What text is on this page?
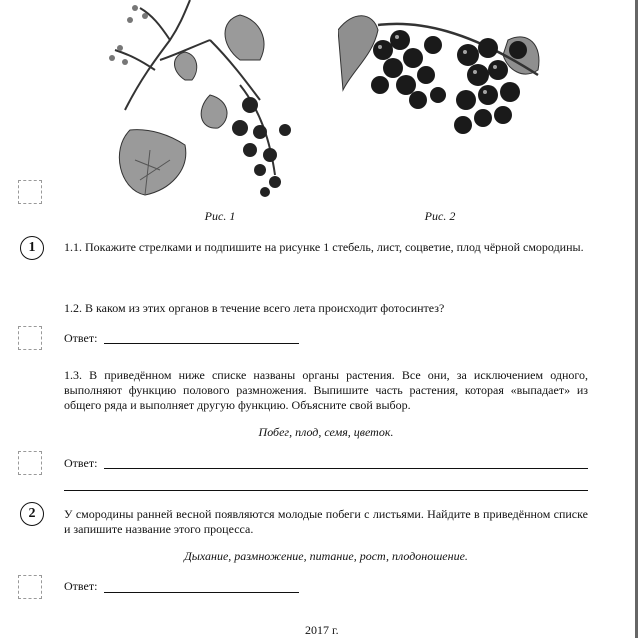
Рис. 1	Рис. 2
1
2
1.1. Покажите стрелками и подпишите на рисунке 1 стебель, лист, соцветие, плод чёрной смородины.
1.2. В каком из этих органов в течение всего лета происходит фотосинтез?
Ответ:
1.3. В приведённом ниже списке названы органы растения. Все они, за исключением одного, выполняют функцию полового размножения. Выпишите часть растения, которая «выпадает» из общего ряда и выполняет другую функцию. Объясните свой выбор.
Побег, плод, семя, цветок.
Ответ:
У смородины ранней весной появляются молодые побеги с листьями. Найдите в приведённом списке и запишите название этого процесса.
Дыхание, размножение, питание, рост, плодоношение.
Ответ:
2017 г.
